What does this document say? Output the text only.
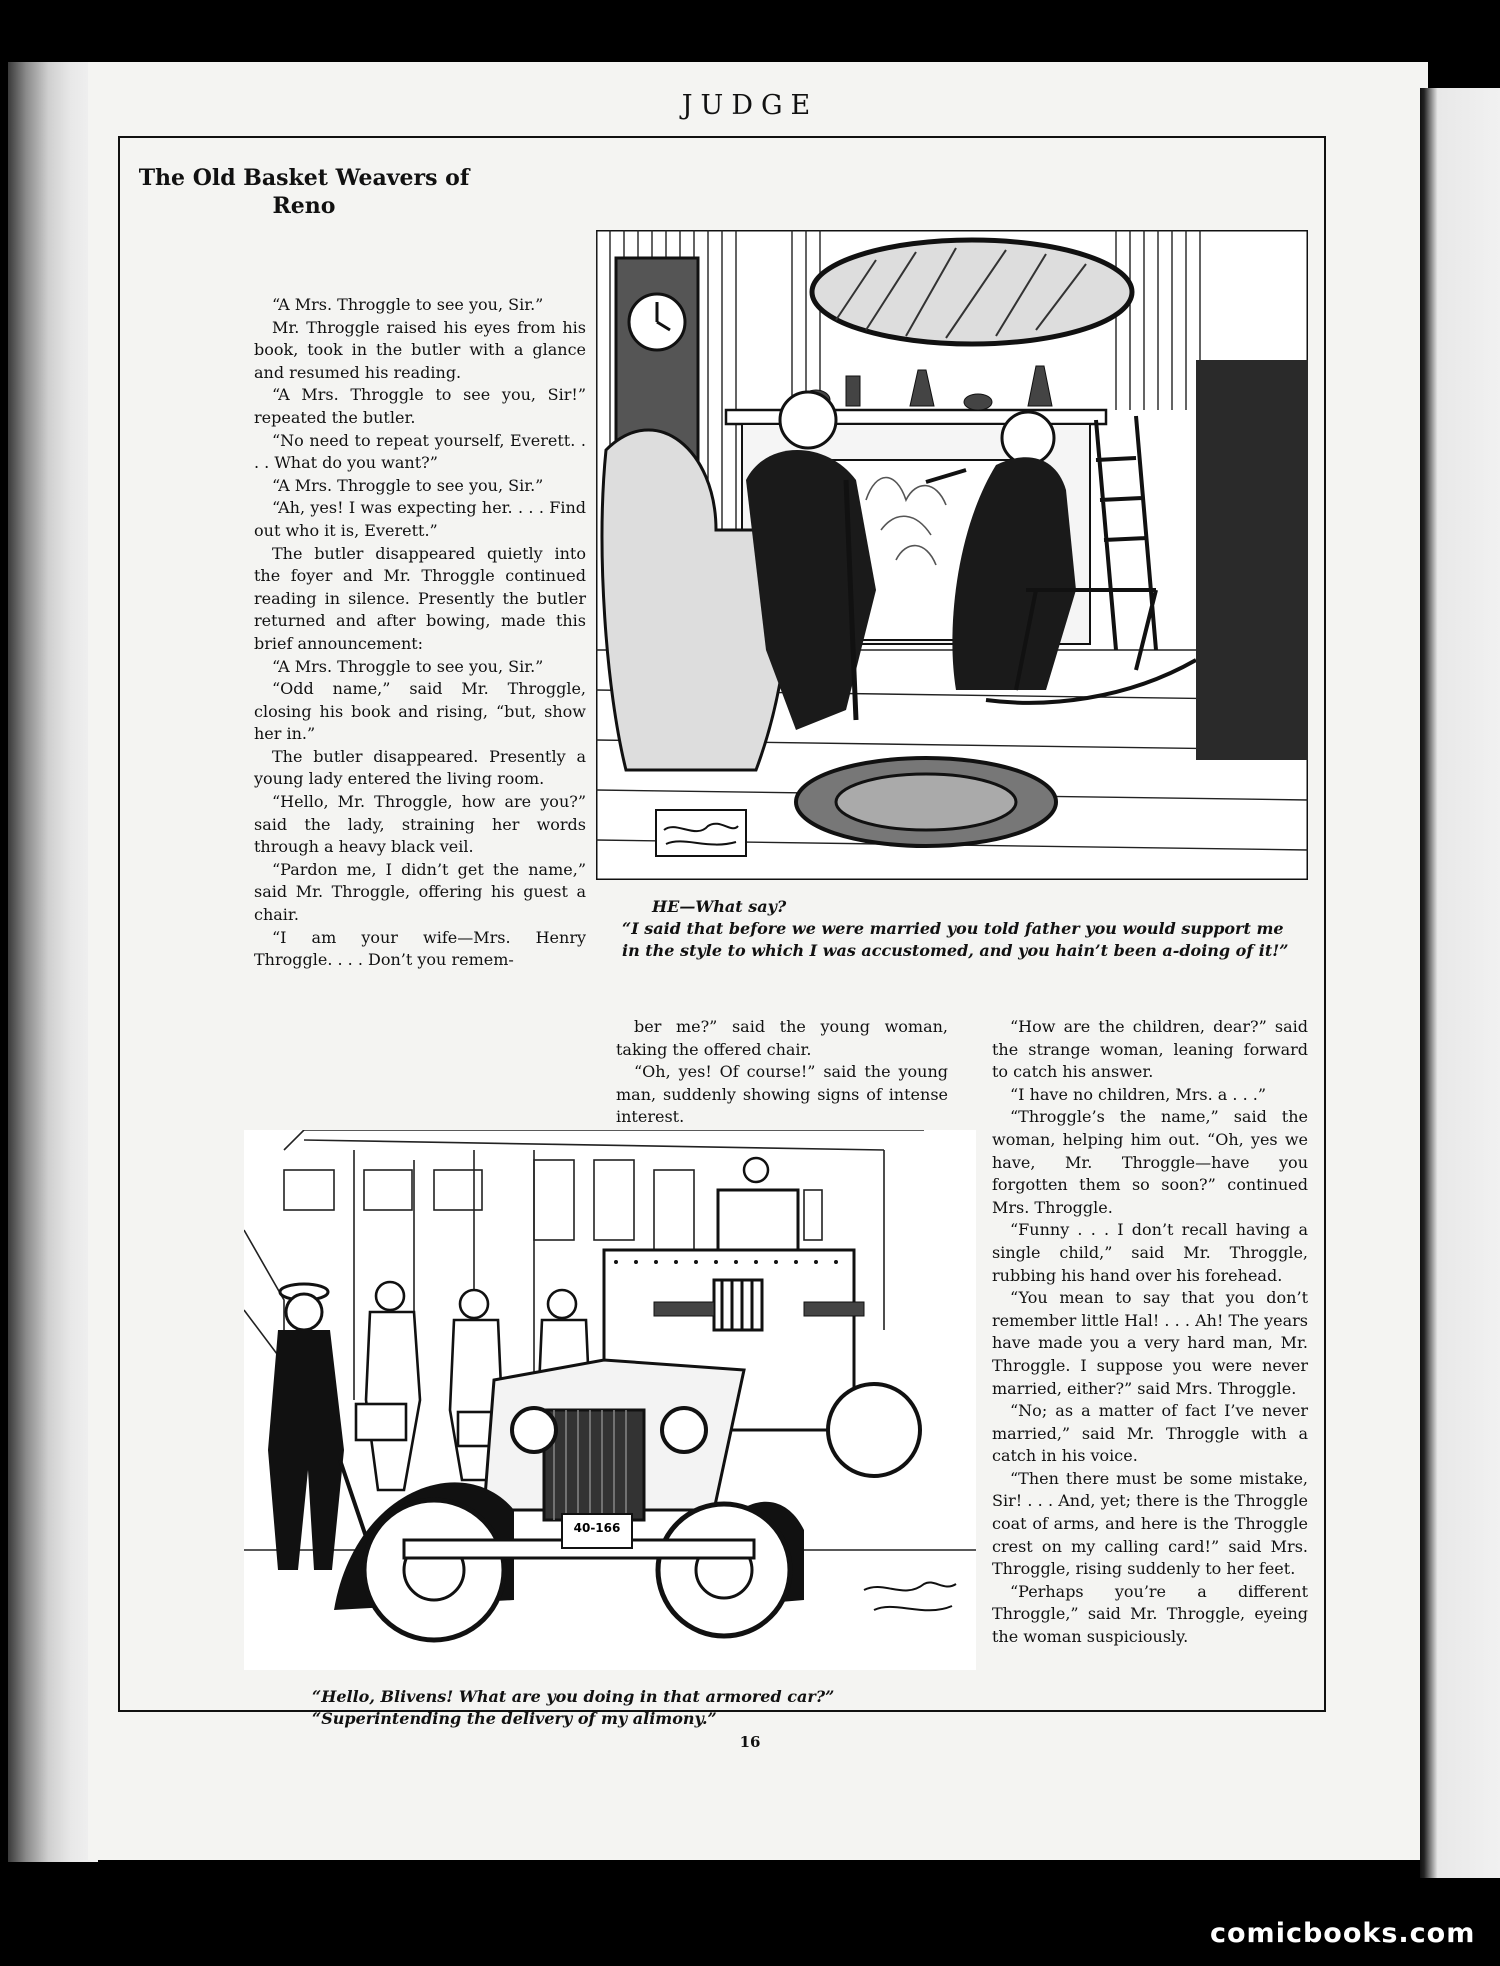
JUDGE
The Old Basket Weavers of Reno

“A Mrs. Throggle to see you, Sir.”

Mr. Throggle raised his eyes from his book, took in the butler with a glance and resumed his reading.

“A Mrs. Throggle to see you, Sir!” repeated the butler.

“No need to repeat yourself, Everett. . . . What do you want?”

“A Mrs. Throggle to see you, Sir.”

“Ah, yes! I was expecting her. . . . Find out who it is, Everett.”

The butler disappeared quietly into the foyer and Mr. Throggle continued reading in silence. Presently the butler returned and after bowing, made this brief announcement:

“A Mrs. Throggle to see you, Sir.”

“Odd name,” said Mr. Throggle, closing his book and rising, “but, show her in.”

The butler disappeared. Presently a young lady entered the living room.

“Hello, Mr. Throggle, how are you?” said the lady, straining her words through a heavy black veil.

“Pardon me, I didn’t get the name,” said Mr. Throggle, offering his guest a chair.

“I am your wife—Mrs. Henry Throggle. . . . Don’t you remem-

ber me?” said the young woman, taking the offered chair.

“Oh, yes! Of course!” said the young man, suddenly showing signs of intense interest.

“How are the children, dear?” said the strange woman, leaning forward to catch his answer.

“I have no children, Mrs. a . . .”

“Throggle’s the name,” said the woman, helping him out. “Oh, yes we have, Mr. Throggle—have you forgotten them so soon?” continued Mrs. Throggle.

“Funny . . . I don’t recall having a single child,” said Mr. Throggle, rubbing his hand over his forehead.

“You mean to say that you don’t remember little Hal! . . . Ah! The years have made you a very hard man, Mr. Throggle. I suppose you were never married, either?” said Mrs. Throggle.

“No; as a matter of fact I’ve never married,” said Mr. Throggle with a catch in his voice.

“Then there must be some mistake, Sir! . . . And, yet; there is the Throggle coat of arms, and here is the Throggle crest on my calling card!” said Mrs. Throggle, rising suddenly to her feet.

“Perhaps you’re a different Throggle,” said Mr. Throggle, eyeing the woman suspiciously.

HE—What say?
“I said that before we were married you told father you would support me in the style to which I was accustomed, and you hain’t been a-doing of it!”
40-166
“Hello, Blivens! What are you doing in that armored car?”
“Superintending the delivery of my alimony.”
16
comicbooks.com
